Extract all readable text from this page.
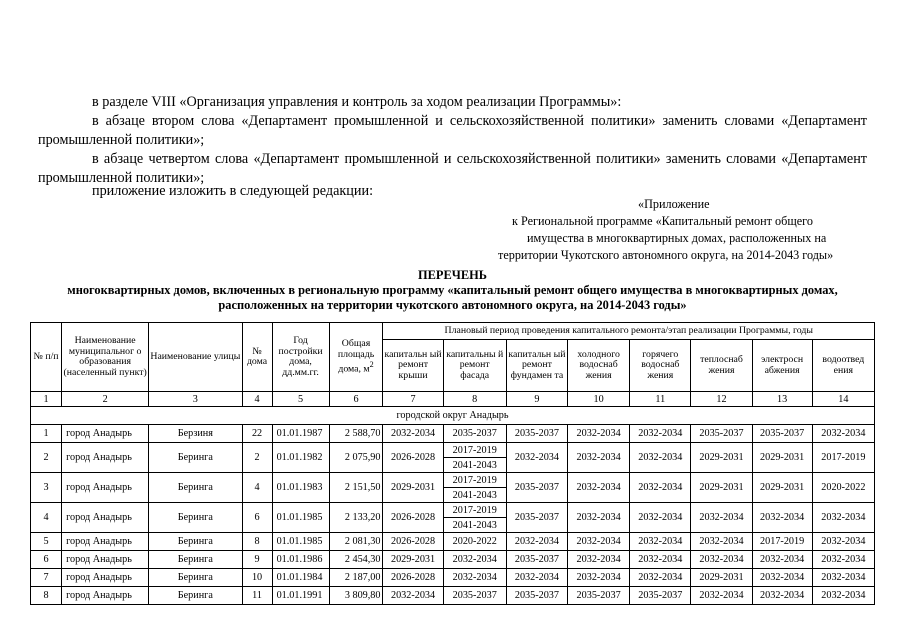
в разделе VIII «Организация управления и контроль за ходом реализации Программы»:

в абзаце втором слова «Департамент промышленной и сельскохозяйственной политики» заменить словами «Департамент промышленной политики»;

в абзаце четвертом слова «Департамент промышленной и сельскохозяйственной политики» заменить словами «Департамент промышленной политики»;

приложение изложить в следующей редакции:

«Приложение
к Региональной программе «Капитальный ремонт общего
имущества в многоквартирных домах, расположенных на
территории Чукотского автономного округа, на 2014-2043 годы»
ПЕРЕЧЕНЬ
многоквартирных домов, включенных в региональную программу «капитальный ремонт общего имущества в многоквартирных домах,
расположенных на территории чукотского автономного округа, на 2014-2043 годы»
№ п/п	Наименование муниципальног о образования (населенный пункт)	Наименование улицы	№ дома	Год постройки дома, дд.мм.гг.	Общая площадь дома, $м^2$	Плановый период проведения капитального ремонта/этап реализации Программы, годы							
						капитальн ый ремонт крыши	капитальны й ремонт фасада	капитальн ый ремонт фундамен та	холодного водоснаб жения	горячего водоснаб жения	теплоснаб жения	электросн абжения	водоотвед ения
1	2	3	4	5	6	7	8	9	10	11	12	13	14
городской округ Анадырь													
1	город Анадырь	Берзиня	22	01.01.1987	2 588,70	2032-2034	2035-2037	2035-2037	2032-2034	2032-2034	2035-2037	2035-2037	2032-2034
2	город Анадырь	Беринга	2	01.01.1982	2 075,90	2026-2028	2017-2019	2032-2034	2032-2034	2032-2034	2029-2031	2029-2031	2017-2019
							2041-2043						
3	город Анадырь	Беринга	4	01.01.1983	2 151,50	2029-2031	2017-2019	2035-2037	2032-2034	2032-2034	2029-2031	2029-2031	2020-2022
							2041-2043						
4	город Анадырь	Беринга	6	01.01.1985	2 133,20	2026-2028	2017-2019	2035-2037	2032-2034	2032-2034	2032-2034	2032-2034	2032-2034
							2041-2043						
5	город Анадырь	Беринга	8	01.01.1985	2 081,30	2026-2028	2020-2022	2032-2034	2032-2034	2032-2034	2032-2034	2017-2019	2032-2034
6	город Анадырь	Беринга	9	01.01.1986	2 454,30	2029-2031	2032-2034	2035-2037	2032-2034	2032-2034	2032-2034	2032-2034	2032-2034
7	город Анадырь	Беринга	10	01.01.1984	2 187,00	2026-2028	2032-2034	2032-2034	2032-2034	2032-2034	2029-2031	2032-2034	2032-2034
8	город Анадырь	Беринга	11	01.01.1991	3 809,80	2032-2034	2035-2037	2035-2037	2035-2037	2035-2037	2032-2034	2032-2034	2032-2034
